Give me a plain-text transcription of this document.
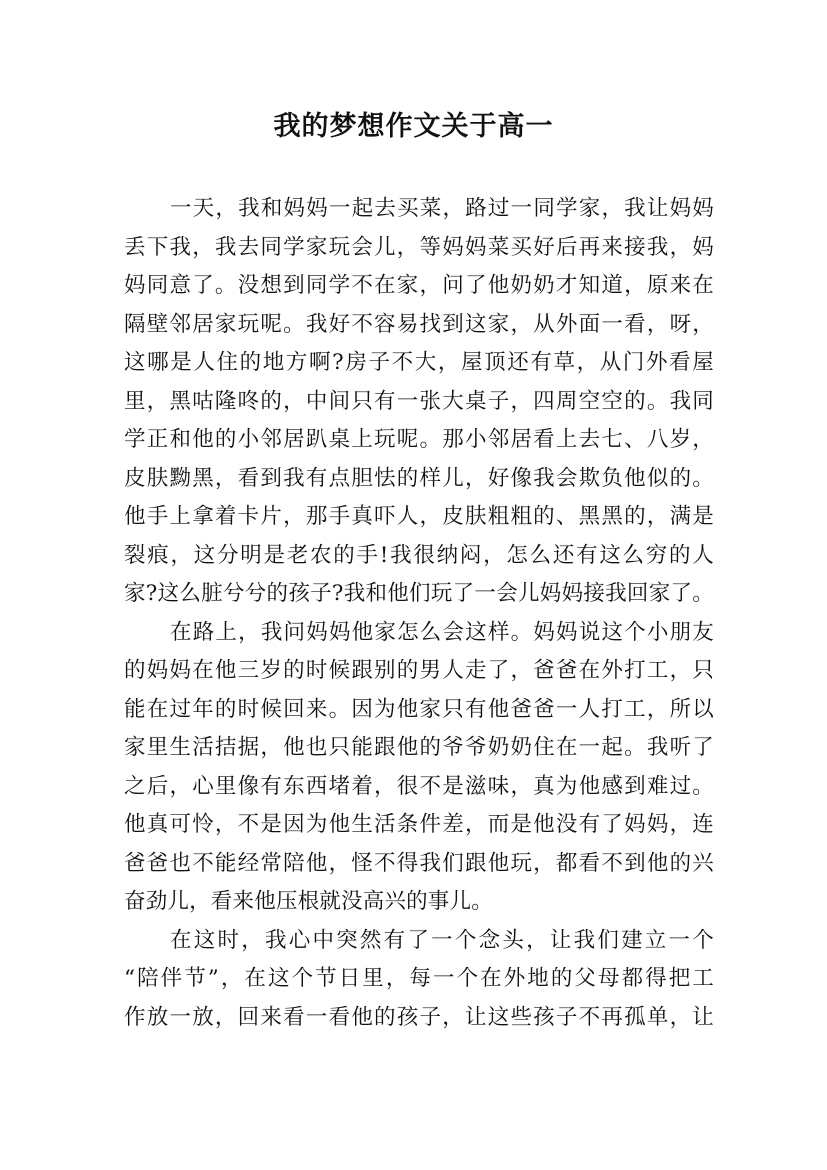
我的梦想作文关于高一
一天，我和妈妈一起去买菜，路过一同学家，我让妈妈
丢下我，我去同学家玩会儿，等妈妈菜买好后再来接我，妈
妈同意了。没想到同学不在家，问了他奶奶才知道，原来在
隔壁邻居家玩呢。我好不容易找到这家，从外面一看，呀，
这哪是人住的地方啊?房子不大，屋顶还有草，从门外看屋
里，黑咕隆咚的，中间只有一张大桌子，四周空空的。我同
学正和他的小邻居趴桌上玩呢。那小邻居看上去七、八岁，
皮肤黝黑，看到我有点胆怯的样儿，好像我会欺负他似的。
他手上拿着卡片，那手真吓人，皮肤粗粗的、黑黑的，满是
裂痕，这分明是老农的手!我很纳闷，怎么还有这么穷的人
家?这么脏兮兮的孩子?我和他们玩了一会儿妈妈接我回家了。
在路上，我问妈妈他家怎么会这样。妈妈说这个小朋友
的妈妈在他三岁的时候跟别的男人走了，爸爸在外打工，只
能在过年的时候回来。因为他家只有他爸爸一人打工，所以
家里生活拮据，他也只能跟他的爷爷奶奶住在一起。我听了
之后，心里像有东西堵着，很不是滋味，真为他感到难过。
他真可怜，不是因为他生活条件差，而是他没有了妈妈，连
爸爸也不能经常陪他，怪不得我们跟他玩，都看不到他的兴
奋劲儿，看来他压根就没高兴的事儿。
在这时，我心中突然有了一个念头，让我们建立一个
“陪伴节”，在这个节日里，每一个在外地的父母都得把工
作放一放，回来看一看他的孩子，让这些孩子不再孤单，让
